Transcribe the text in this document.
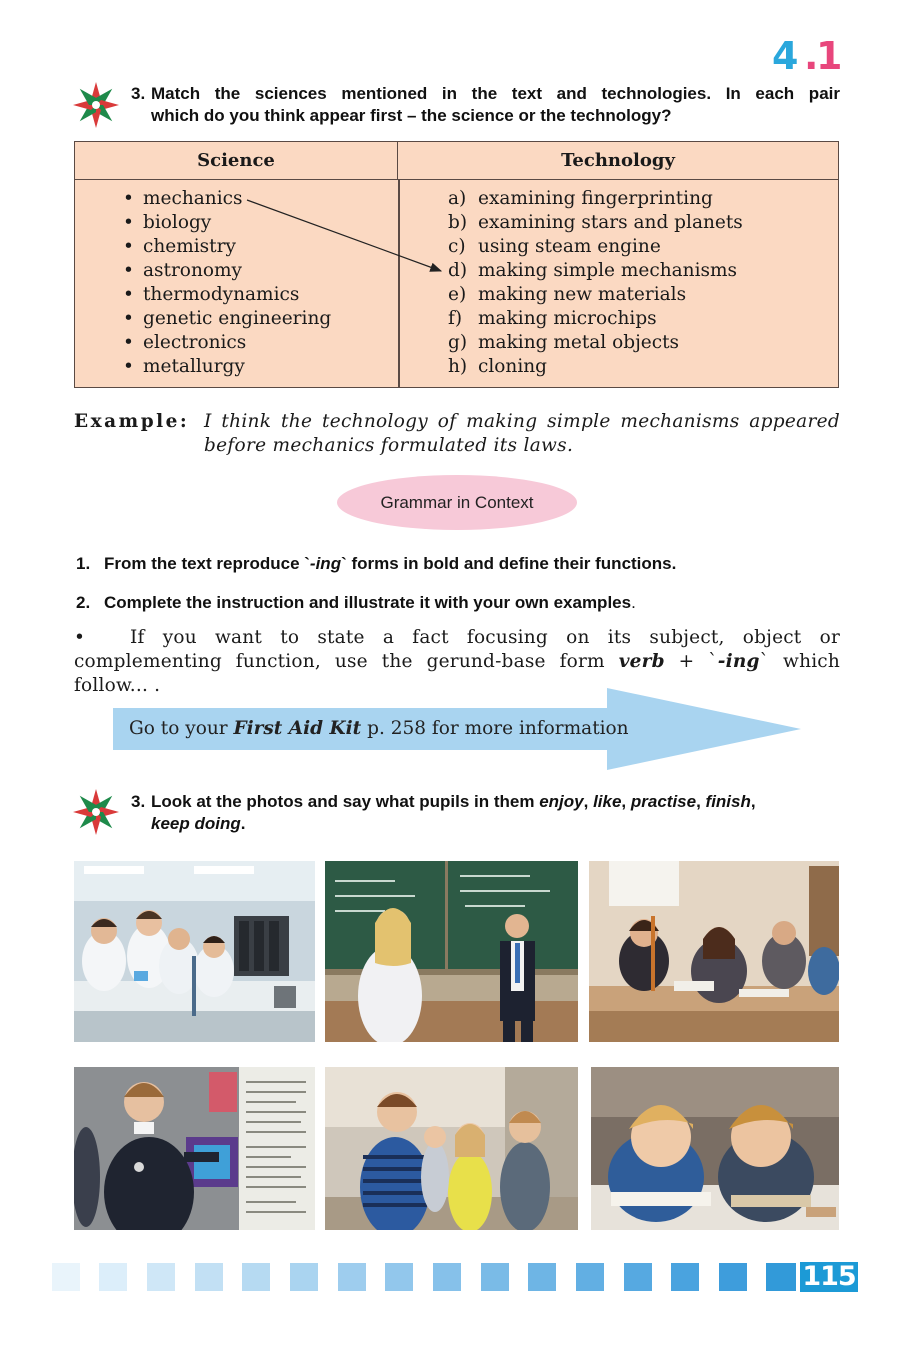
4 .
1
3. Match the sciences mentioned in the text and technologies. In each pair
which do you think appear first – the science or the technology?
Science	Technology
• mechanics
• biology
• chemistry
• astronomy
• thermodynamics
• genetic engineering
• electronics
• metallurgy
a) examining fingerprinting
b) examining stars and planets
c) using steam engine
d) making simple mechanisms
e) making new materials
f) making microchips
g) making metal objects
h) cloning
Example: I think the technology of making simple mechanisms appeared before mechanics formulated its laws.
Grammar in Context
1. From the text reproduce `-ing` forms in bold and define their functions.
2. Complete the instruction and illustrate it with your own examples.
• If you want to state a fact focusing on its subject, object or complementing function, use the gerund-base form verb + `-ing` which follow... .
Go to your First Aid Kit p. 258 for more information
3. Look at the photos and say what pupils in them enjoy, like, practise, finish,
keep doing.
115
